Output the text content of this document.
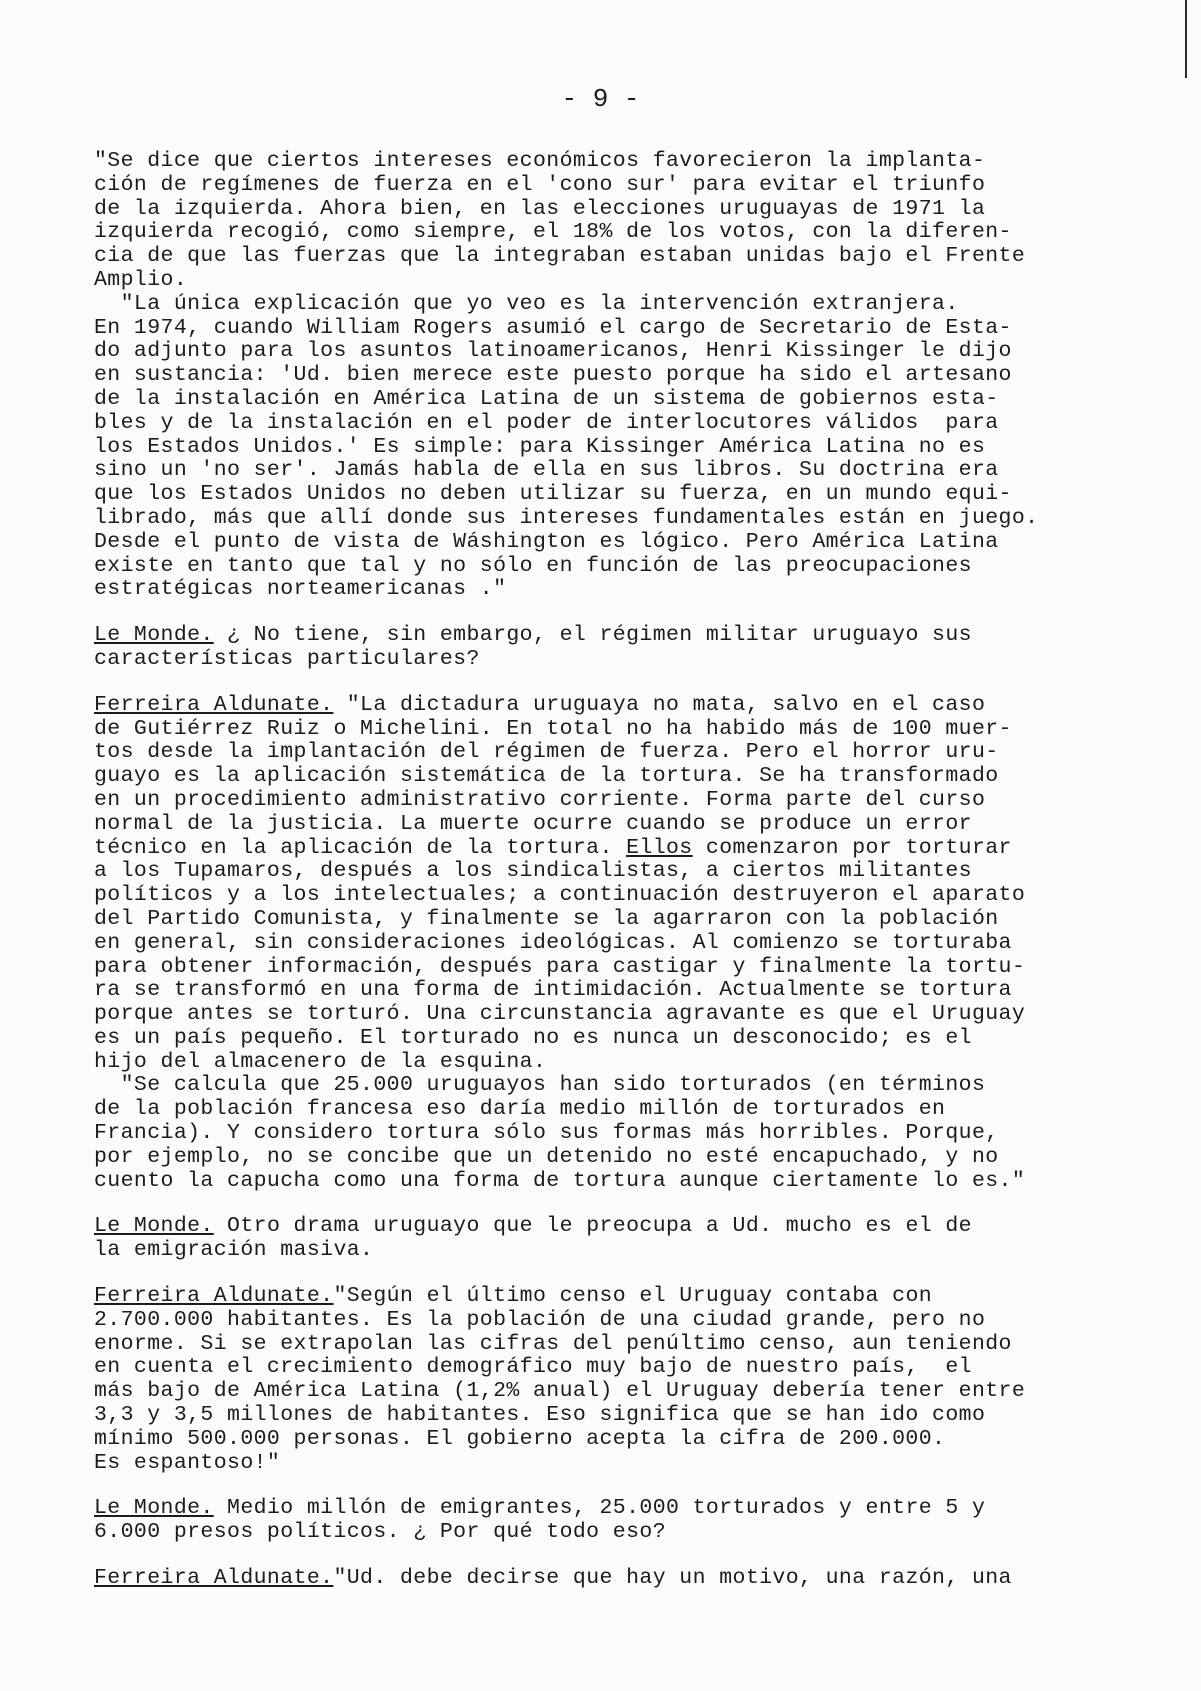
- 9 -

"Se dice que ciertos intereses económicos favorecieron la implanta-

ción de regímenes de fuerza en el 'cono sur' para evitar el triunfo

de la izquierda. Ahora bien, en las elecciones uruguayas de 1971 la

izquierda recogió, como siempre, el 18% de los votos, con la diferen-

cia de que las fuerzas que la integraban estaban unidas bajo el Frente

Amplio.

"La única explicación que yo veo es la intervención extranjera.

En 1974, cuando William Rogers asumió el cargo de Secretario de Esta-

do adjunto para los asuntos latinoamericanos, Henri Kissinger le dijo

en sustancia: 'Ud. bien merece este puesto porque ha sido el artesano

de la instalación en América Latina de un sistema de gobiernos esta-

bles y de la instalación en el poder de interlocutores válidos  para

los Estados Unidos.' Es simple: para Kissinger América Latina no es

sino un 'no ser'. Jamás habla de ella en sus libros. Su doctrina era

que los Estados Unidos no deben utilizar su fuerza, en un mundo equi-

librado, más que allí donde sus intereses fundamentales están en juego.

Desde el punto de vista de Wáshington es lógico. Pero América Latina

existe en tanto que tal y no sólo en función de las preocupaciones

estratégicas norteamericanas ."

Le Monde. ¿ No tiene, sin embargo, el régimen militar uruguayo sus

características particulares?

Ferreira Aldunate. "La dictadura uruguaya no mata, salvo en el caso

de Gutiérrez Ruiz o Michelini. En total no ha habido más de 100 muer-

tos desde la implantación del régimen de fuerza. Pero el horror uru-

guayo es la aplicación sistemática de la tortura. Se ha transformado

en un procedimiento administrativo corriente. Forma parte del curso

normal de la justicia. La muerte ocurre cuando se produce un error

técnico en la aplicación de la tortura. Ellos comenzaron por torturar

a los Tupamaros, después a los sindicalistas, a ciertos militantes

políticos y a los intelectuales; a continuación destruyeron el aparato

del Partido Comunista, y finalmente se la agarraron con la población

en general, sin consideraciones ideológicas. Al comienzo se torturaba

para obtener información, después para castigar y finalmente la tortu-

ra se transformó en una forma de intimidación. Actualmente se tortura

porque antes se torturó. Una circunstancia agravante es que el Uruguay

es un país pequeño. El torturado no es nunca un desconocido; es el

hijo del almacenero de la esquina.

"Se calcula que 25.000 uruguayos han sido torturados (en términos

de la población francesa eso daría medio millón de torturados en

Francia). Y considero tortura sólo sus formas más horribles. Porque,

por ejemplo, no se concibe que un detenido no esté encapuchado, y no

cuento la capucha como una forma de tortura aunque ciertamente lo es."

Le Monde. Otro drama uruguayo que le preocupa a Ud. mucho es el de

la emigración masiva.

Ferreira Aldunate."Según el último censo el Uruguay contaba con

2.700.000 habitantes. Es la población de una ciudad grande, pero no

enorme. Si se extrapolan las cifras del penúltimo censo, aun teniendo

en cuenta el crecimiento demográfico muy bajo de nuestro país,  el

más bajo de América Latina (1,2% anual) el Uruguay debería tener entre

3,3 y 3,5 millones de habitantes. Eso significa que se han ido como

mínimo 500.000 personas. El gobierno acepta la cifra de 200.000.

Es espantoso!"

Le Monde. Medio millón de emigrantes, 25.000 torturados y entre 5 y

6.000 presos políticos. ¿ Por qué todo eso?

Ferreira Aldunate."Ud. debe decirse que hay un motivo, una razón, una
